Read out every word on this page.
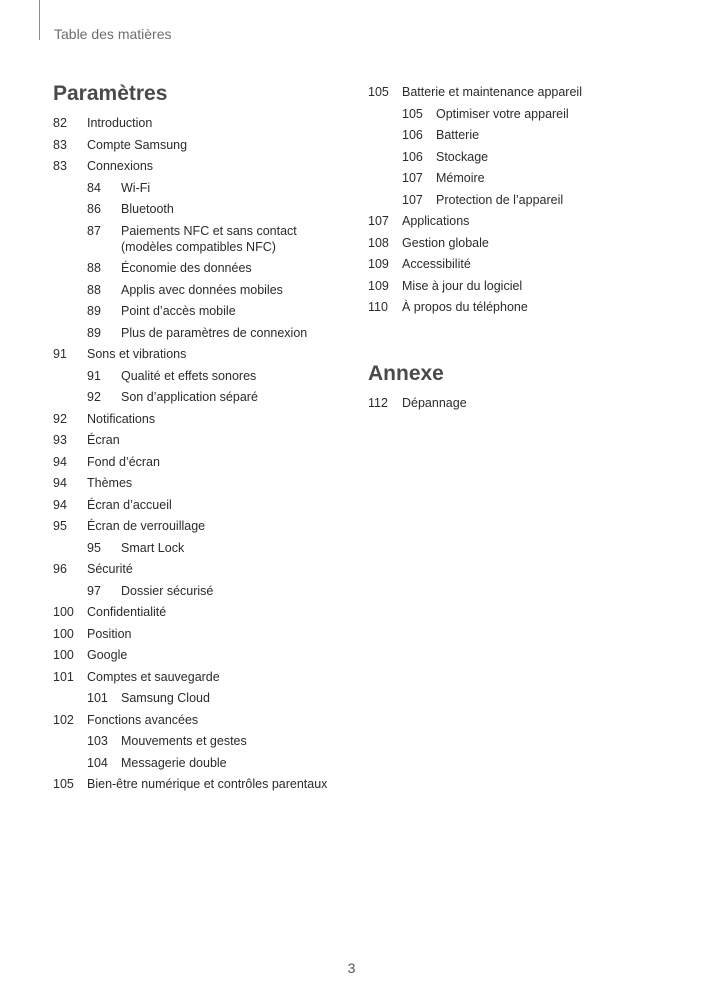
Table des matières
Paramètres
82	Introduction
83	Compte Samsung
83	Connexions
84	Wi-Fi
86	Bluetooth
87	Paiements NFC et sans contact
(modèles compatibles NFC)
88	Économie des données
88	Applis avec données mobiles
89	Point d’accès mobile
89	Plus de paramètres de connexion
91	Sons et vibrations
91	Qualité et effets sonores
92	Son d’application séparé
92	Notifications
93	Écran
94	Fond d’écran
94	Thèmes
94	Écran d’accueil
95	Écran de verrouillage
95	Smart Lock
96	Sécurité
97	Dossier sécurisé
100	Confidentialité
100	Position
100	Google
101	Comptes et sauvegarde
101	Samsung Cloud
102	Fonctions avancées
103	Mouvements et gestes
104	Messagerie double
105	Bien-être numérique et contrôles parentaux
105	Batterie et maintenance appareil
105	Optimiser votre appareil
106	Batterie
106	Stockage
107	Mémoire
107	Protection de l’appareil
107	Applications
108	Gestion globale
109	Accessibilité
109	Mise à jour du logiciel
110	À propos du téléphone
Annexe
112	Dépannage
3
